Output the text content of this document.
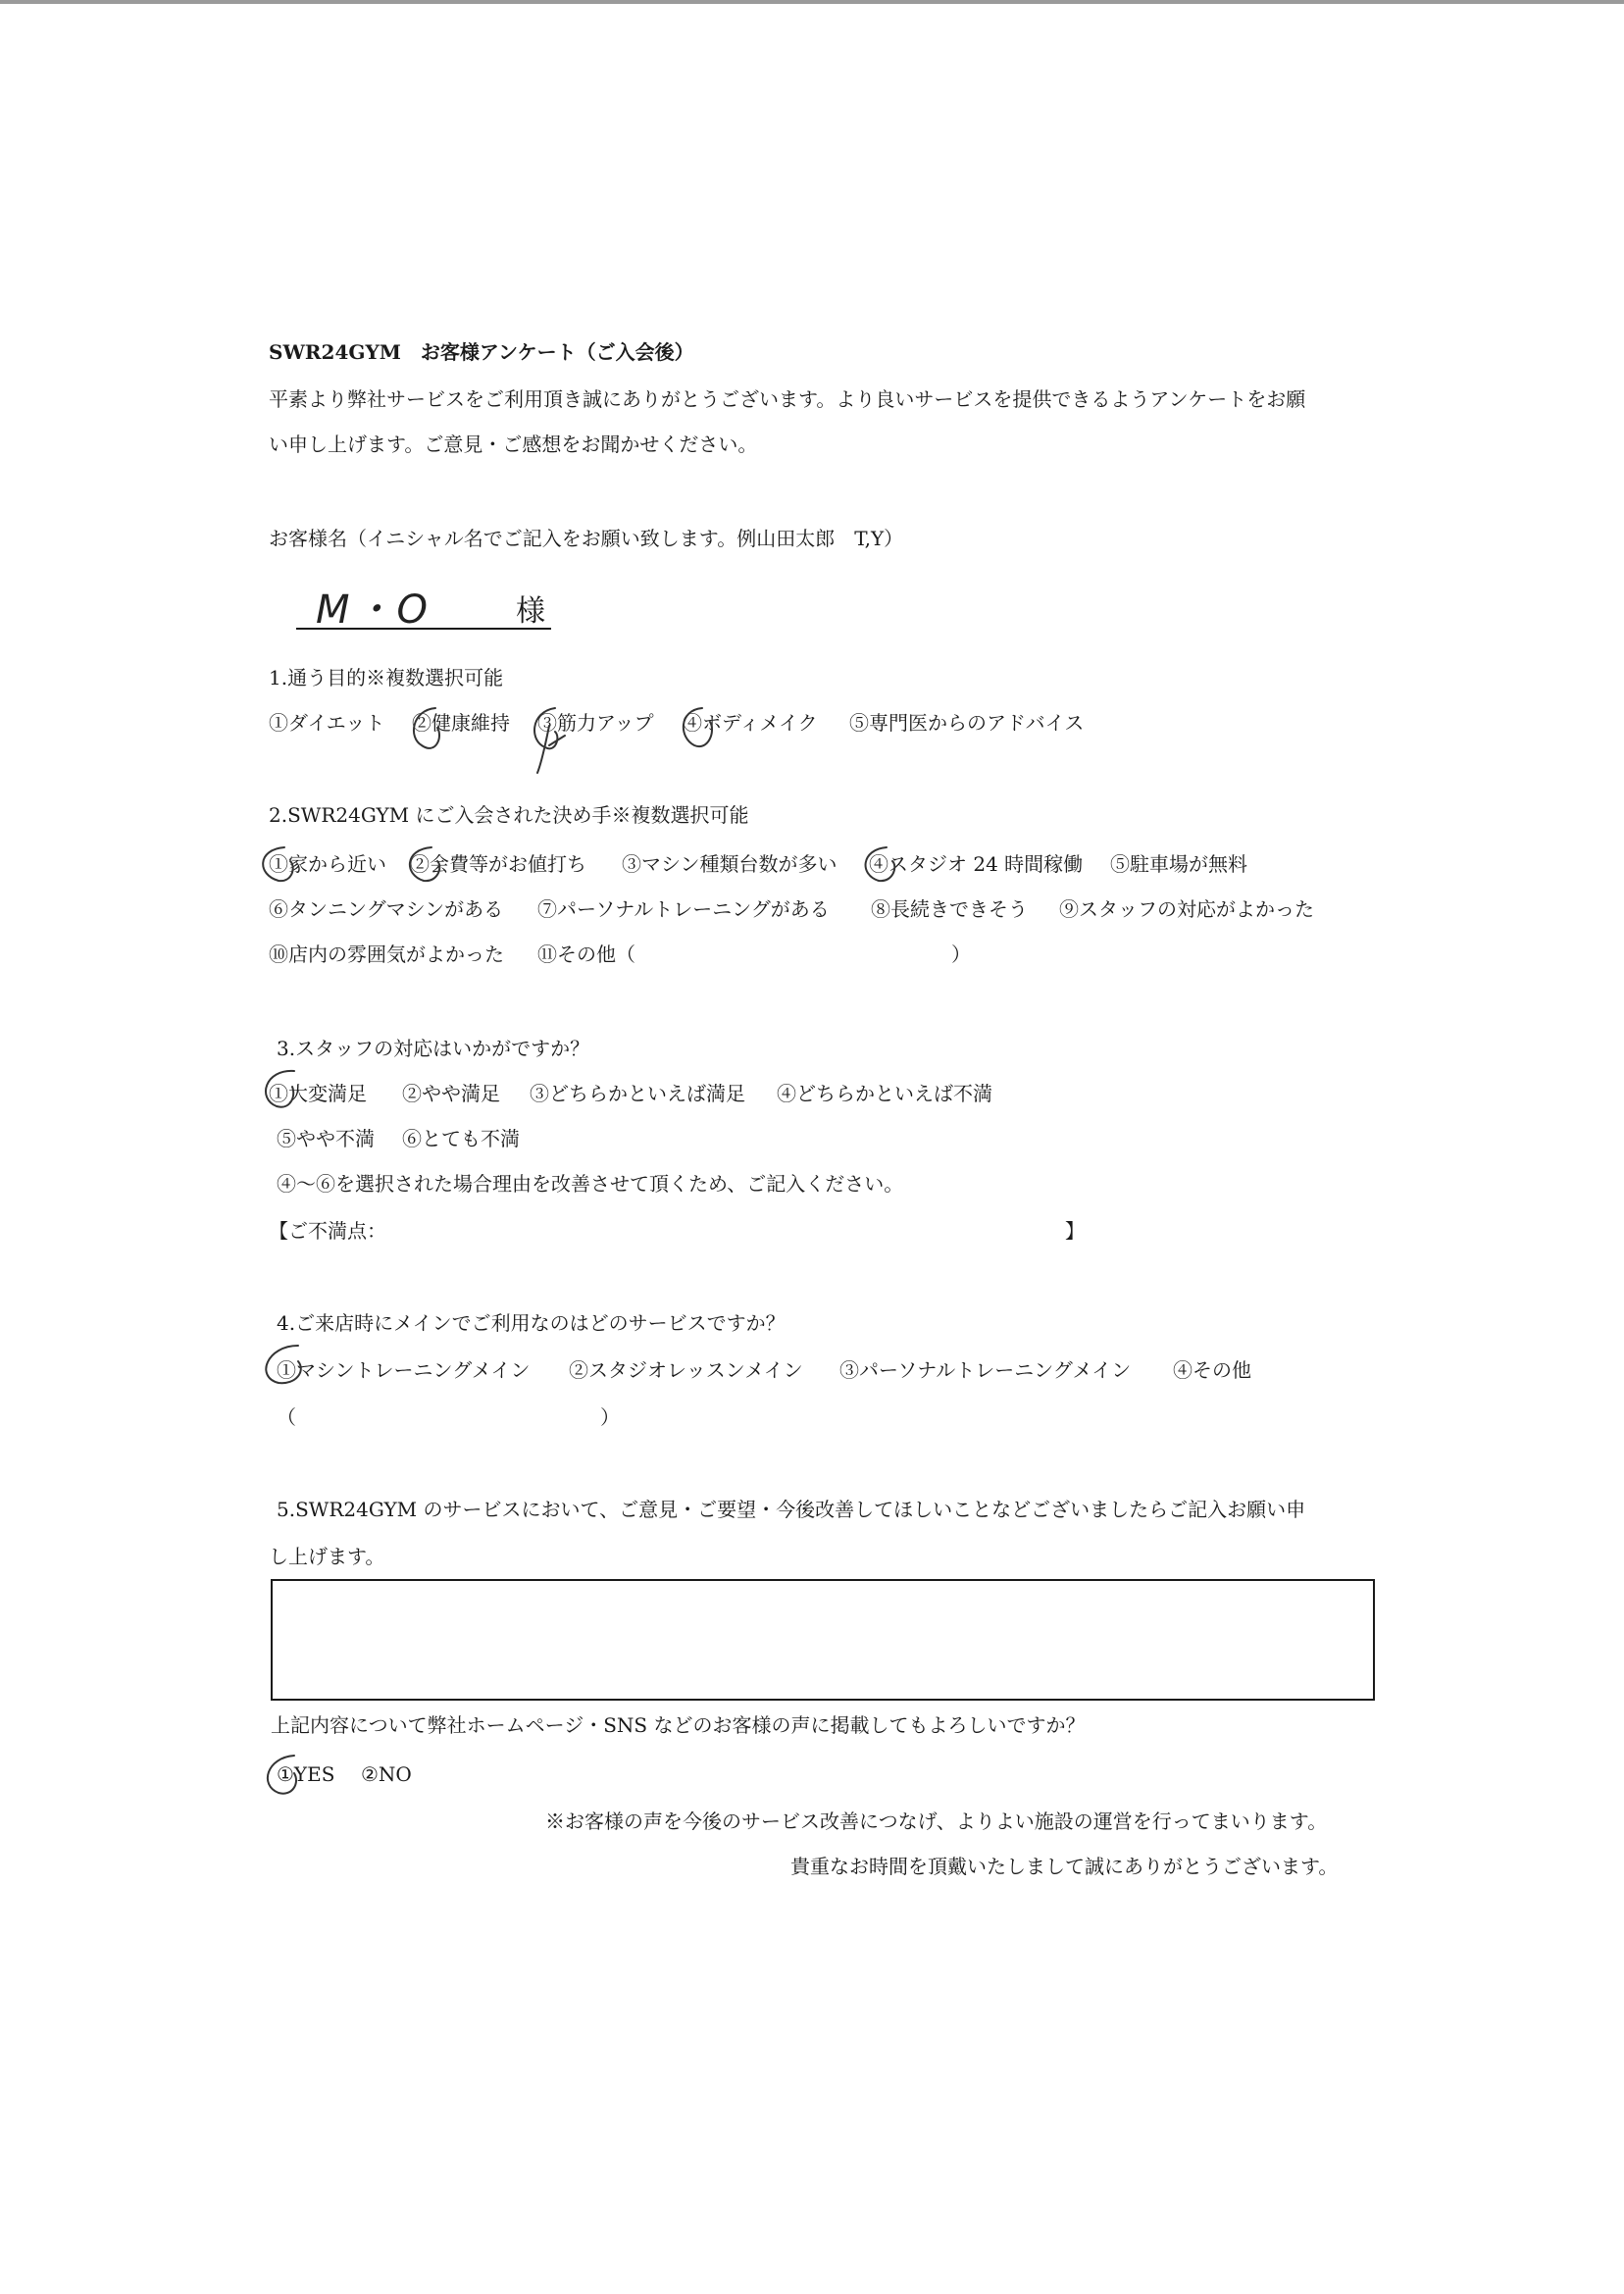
SWR24GYM　お客様アンケート（ご入会後）
平素より弊社サービスをご利用頂き誠にありがとうございます。より良いサービスを提供できるようアンケートをお願
い申し上げます。ご意見・ご感想をお聞かせください。
お客様名（イニシャル名でご記入をお願い致します。例山田太郎　T,Y）
M・O	様
1.通う目的※複数選択可能
①ダイエット ②健康維持 ③筋力アップ ④ボディメイク ⑤専門医からのアドバイス
2.SWR24GYM にご入会された決め手※複数選択可能
①家から近い ②会費等がお値打ち ③マシン種類台数が多い ④スタジオ 24 時間稼働 ⑤駐車場が無料
⑥タンニングマシンがある ⑦パーソナルトレーニングがある ⑧長続きできそう ⑨スタッフの対応がよかった
⑩店内の雰囲気がよかった ⑪その他（	）
3.スタッフの対応はいかがですか？
①大変満足 ②やや満足 ③どちらかといえば満足 ④どちらかといえば不満
⑤やや不満 ⑥とても不満
④～⑥を選択された場合理由を改善させて頂くため、ご記入ください。
【ご不満点：	】
4.ご来店時にメインでご利用なのはどのサービスですか？
①マシントレーニングメイン ②スタジオレッスンメイン ③パーソナルトレーニングメイン ④その他
（	）
5.SWR24GYM のサービスにおいて、ご意見・ご要望・今後改善してほしいことなどございましたらご記入お願い申
し上げます。
上記内容について弊社ホームページ・SNS などのお客様の声に掲載してもよろしいですか？
①YES ②NO
※お客様の声を今後のサービス改善につなげ、よりよい施設の運営を行ってまいります。
貴重なお時間を頂戴いたしまして誠にありがとうございます。
